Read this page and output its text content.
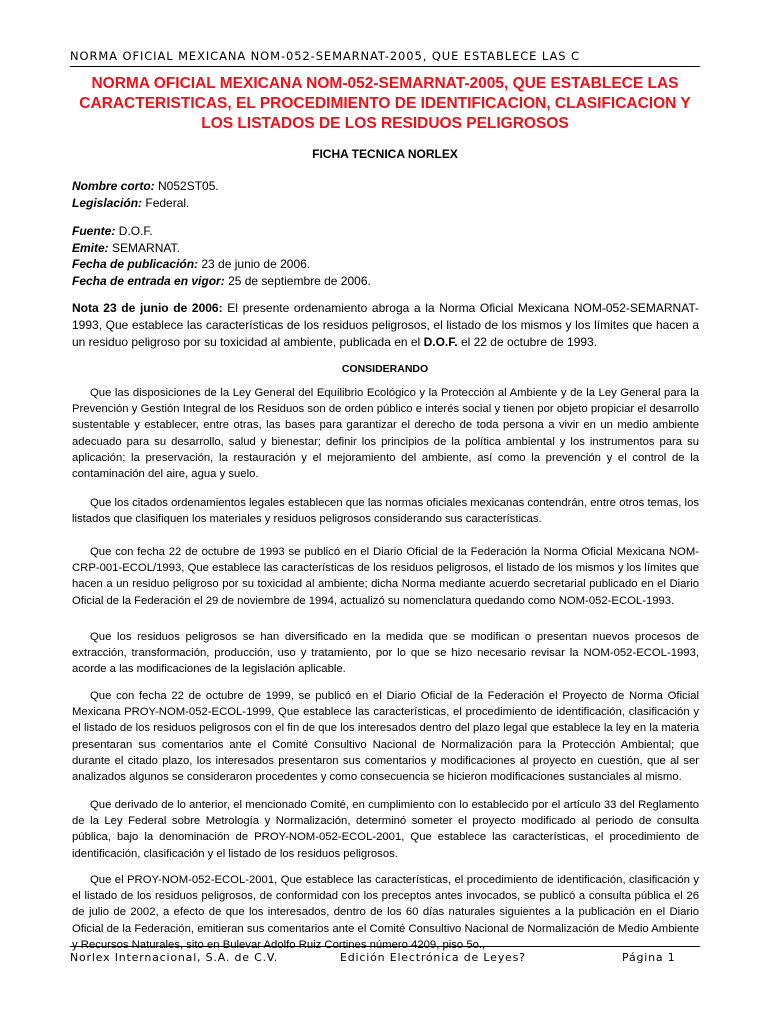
NORMA OFICIAL MEXICANA NOM-052-SEMARNAT-2005, QUE ESTABLECE LAS C
NORMA OFICIAL MEXICANA NOM-052-SEMARNAT-2005, QUE ESTABLECE LAS
CARACTERISTICAS, EL PROCEDIMIENTO DE IDENTIFICACION, CLASIFICACION Y
LOS LISTADOS DE LOS RESIDUOS PELIGROSOS
FICHA TECNICA NORLEX
Nombre corto: N052ST05.
Legislación: Federal.
Fuente: D.O.F.
Emite: SEMARNAT.
Fecha de publicación: 23 de junio de 2006.
Fecha de entrada en vigor: 25 de septiembre de 2006.
Nota 23 de junio de 2006: El presente ordenamiento abroga a la Norma Oficial Mexicana NOM-052-SEMARNAT-1993, Que establece las características de los residuos peligrosos, el listado de los mismos y los límites que hacen a un residuo peligroso por su toxicidad al ambiente, publicada en el D.O.F. el 22 de octubre de 1993.
CONSIDERANDO
Que las disposiciones de la Ley General del Equilibrio Ecológico y la Protección al Ambiente y de la Ley General para la Prevención y Gestión Integral de los Residuos son de orden público e interés social y tienen por objeto propiciar el desarrollo sustentable y establecer, entre otras, las bases para garantizar el derecho de toda persona a vivir en un medio ambiente adecuado para su desarrollo, salud y bienestar; definir los principios de la política ambiental y los instrumentos para su aplicación; la preservación, la restauración y el mejoramiento del ambiente, así como la prevención y el control de la contaminación del aire, agua y suelo.
Que los citados ordenamientos legales establecen que las normas oficiales mexicanas contendrán, entre otros temas, los listados que clasifiquen los materiales y residuos peligrosos considerando sus características.
Que con fecha 22 de octubre de 1993 se publicó en el Diario Oficial de la Federación la Norma Oficial Mexicana NOM-CRP-001-ECOL/1993, Que establece las características de los residuos peligrosos, el listado de los mismos y los límites que hacen a un residuo peligroso por su toxicidad al ambiente; dicha Norma mediante acuerdo secretarial publicado en el Diario Oficial de la Federación el 29 de noviembre de 1994, actualizó su nomenclatura quedando como NOM-052-ECOL-1993.
Que los residuos peligrosos se han diversificado en la medida que se modifican o presentan nuevos procesos de extracción, transformación, producción, uso y tratamiento, por lo que se hizo necesario revisar la NOM-052-ECOL-1993, acorde a las modificaciones de la legislación aplicable.
Que con fecha 22 de octubre de 1999, se publicó en el Diario Oficial de la Federación el Proyecto de Norma Oficial Mexicana PROY-NOM-052-ECOL-1999, Que establece las características, el procedimiento de identificación, clasificación y el listado de los residuos peligrosos con el fin de que los interesados dentro del plazo legal que establece la ley en la materia presentaran sus comentarios ante el Comité Consultivo Nacional de Normalización para la Protección Ambiental; que durante el citado plazo, los interesados presentaron sus comentarios y modificaciones al proyecto en cuestión, que al ser analizados algunos se consideraron procedentes y como consecuencia se hicieron modificaciones sustanciales al mismo.
Que derivado de lo anterior, el mencionado Comité, en cumplimiento con lo establecido por el artículo 33 del Reglamento de la Ley Federal sobre Metrología y Normalización, determinó someter el proyecto modificado al periodo de consulta pública, bajo la denominación de PROY-NOM-052-ECOL-2001, Que establece las características, el procedimiento de identificación, clasificación y el listado de los residuos peligrosos.
Que el PROY-NOM-052-ECOL-2001, Que establece las características, el procedimiento de identificación, clasificación y el listado de los residuos peligrosos, de conformidad con los preceptos antes invocados, se publicó a consulta pública el 26 de julio de 2002, a efecto de que los interesados, dentro de los 60 días naturales siguientes a la publicación en el Diario Oficial de la Federación, emitieran sus comentarios ante el Comité Consultivo Nacional de Normalización de Medio Ambiente y Recursos Naturales, sito en Bulevar Adolfo Ruiz Cortines número 4209, piso 5o.,
Norlex Internacional, S.A. de C.V.	Edición Electrónica de Leyes?	Página 1
